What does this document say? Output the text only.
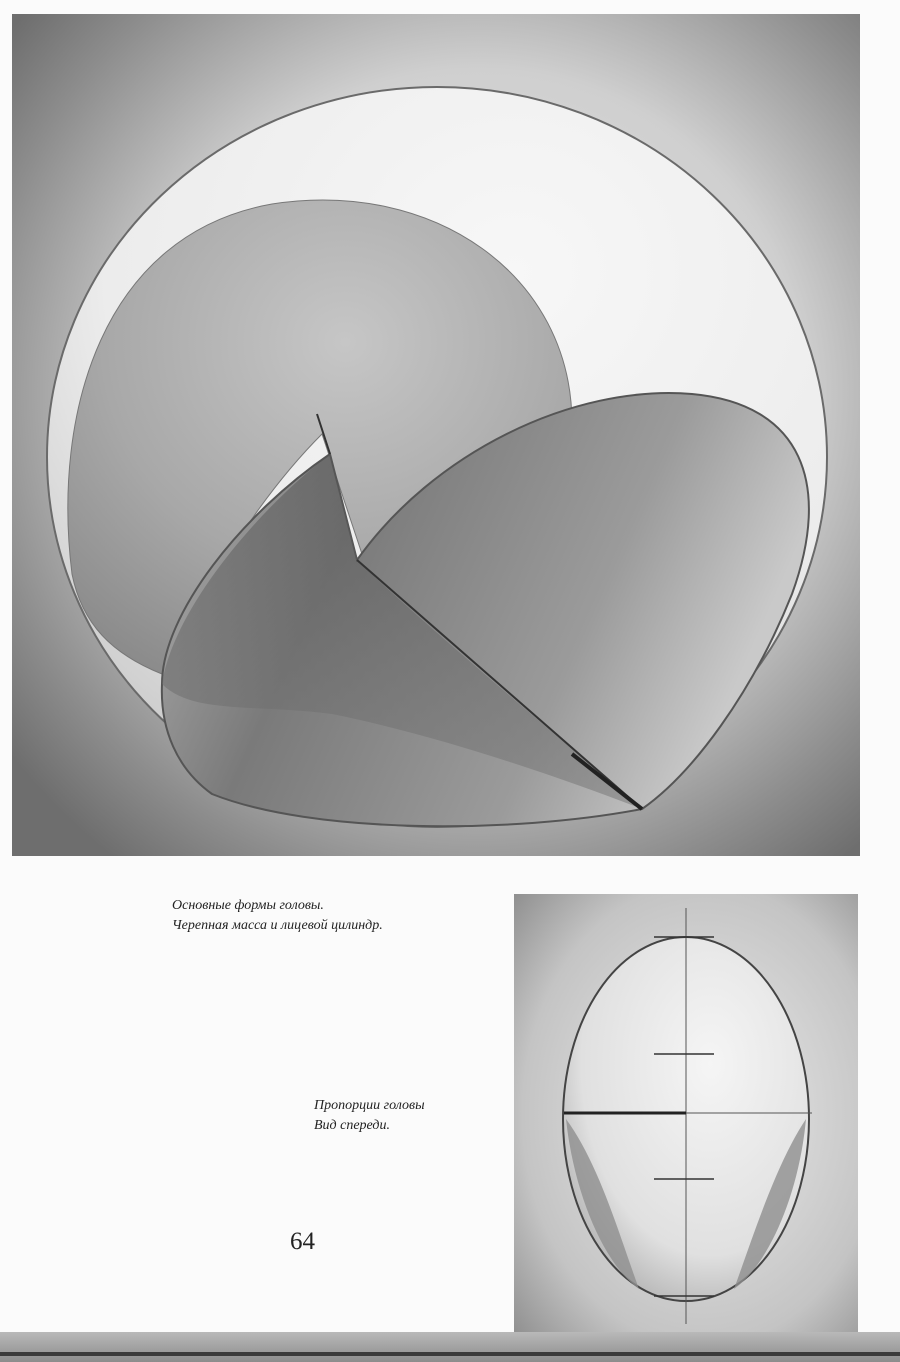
Основные формы головы.
Черепная масса и лицевой цилиндр.
Пропорции головы
Вид спереди.
64
